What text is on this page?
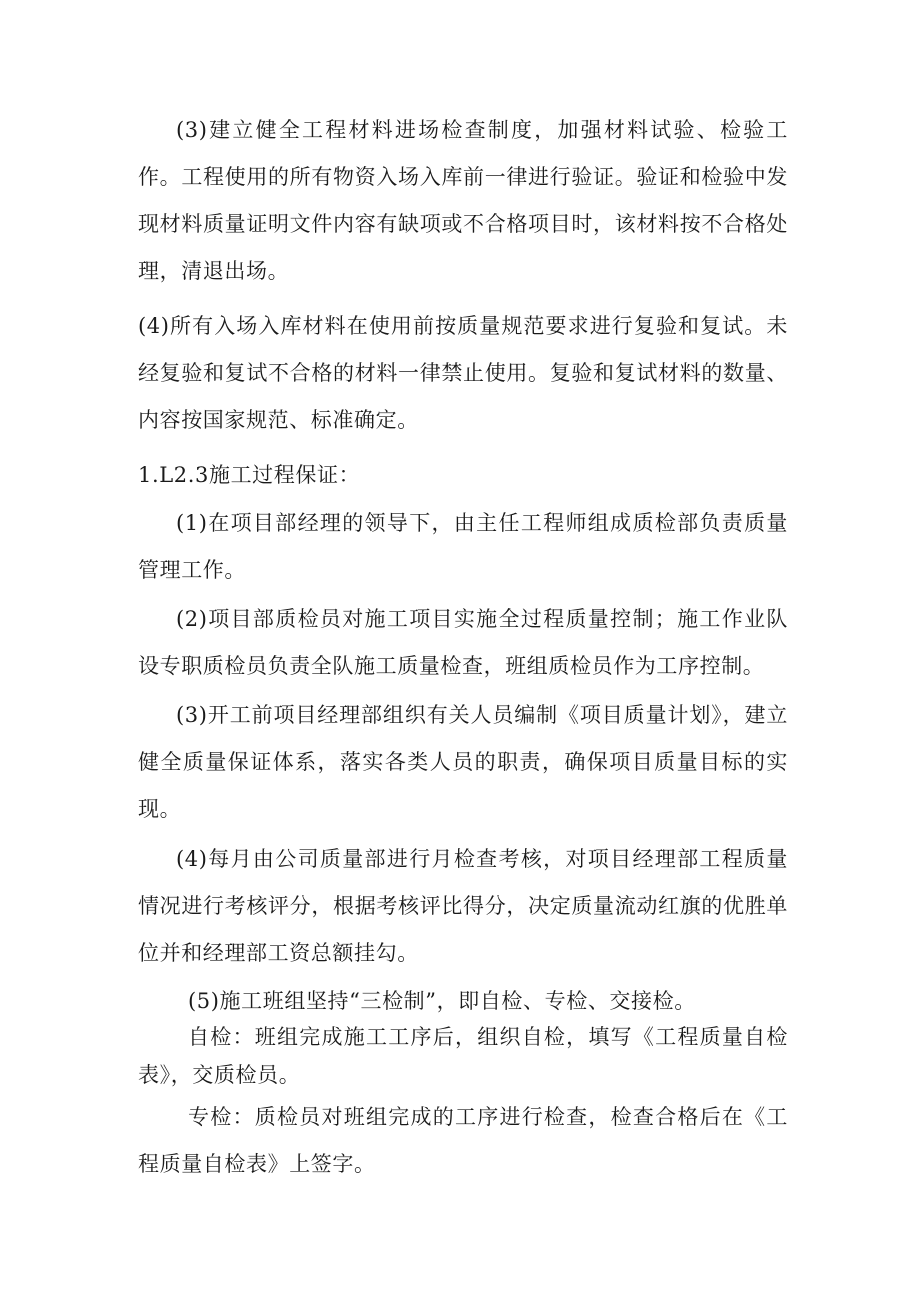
(3)建立健全工程材料进场检查制度，加强材料试验、检验工作。工程使用的所有物资入场入库前一律进行验证。验证和检验中发现材料质量证明文件内容有缺项或不合格项目时，该材料按不合格处理，清退出场。

(4)所有入场入库材料在使用前按质量规范要求进行复验和复试。未经复验和复试不合格的材料一律禁止使用。复验和复试材料的数量、内容按国家规范、标准确定。

1.L2.3施工过程保证：

(1)在项目部经理的领导下，由主任工程师组成质检部负责质量管理工作。

(2)项目部质检员对施工项目实施全过程质量控制；施工作业队设专职质检员负责全队施工质量检查，班组质检员作为工序控制。

(3)开工前项目经理部组织有关人员编制《项目质量计划》，建立健全质量保证体系，落实各类人员的职责，确保项目质量目标的实现。

(4)每月由公司质量部进行月检查考核，对项目经理部工程质量情况进行考核评分，根据考核评比得分，决定质量流动红旗的优胜单位并和经理部工资总额挂勾。

(5)施工班组坚持“三检制”，即自检、专检、交接检。

自检：班组完成施工工序后，组织自检，填写《工程质量自检表》，交质检员。

专检：质检员对班组完成的工序进行检查，检查合格后在《工程质量自检表》上签字。
